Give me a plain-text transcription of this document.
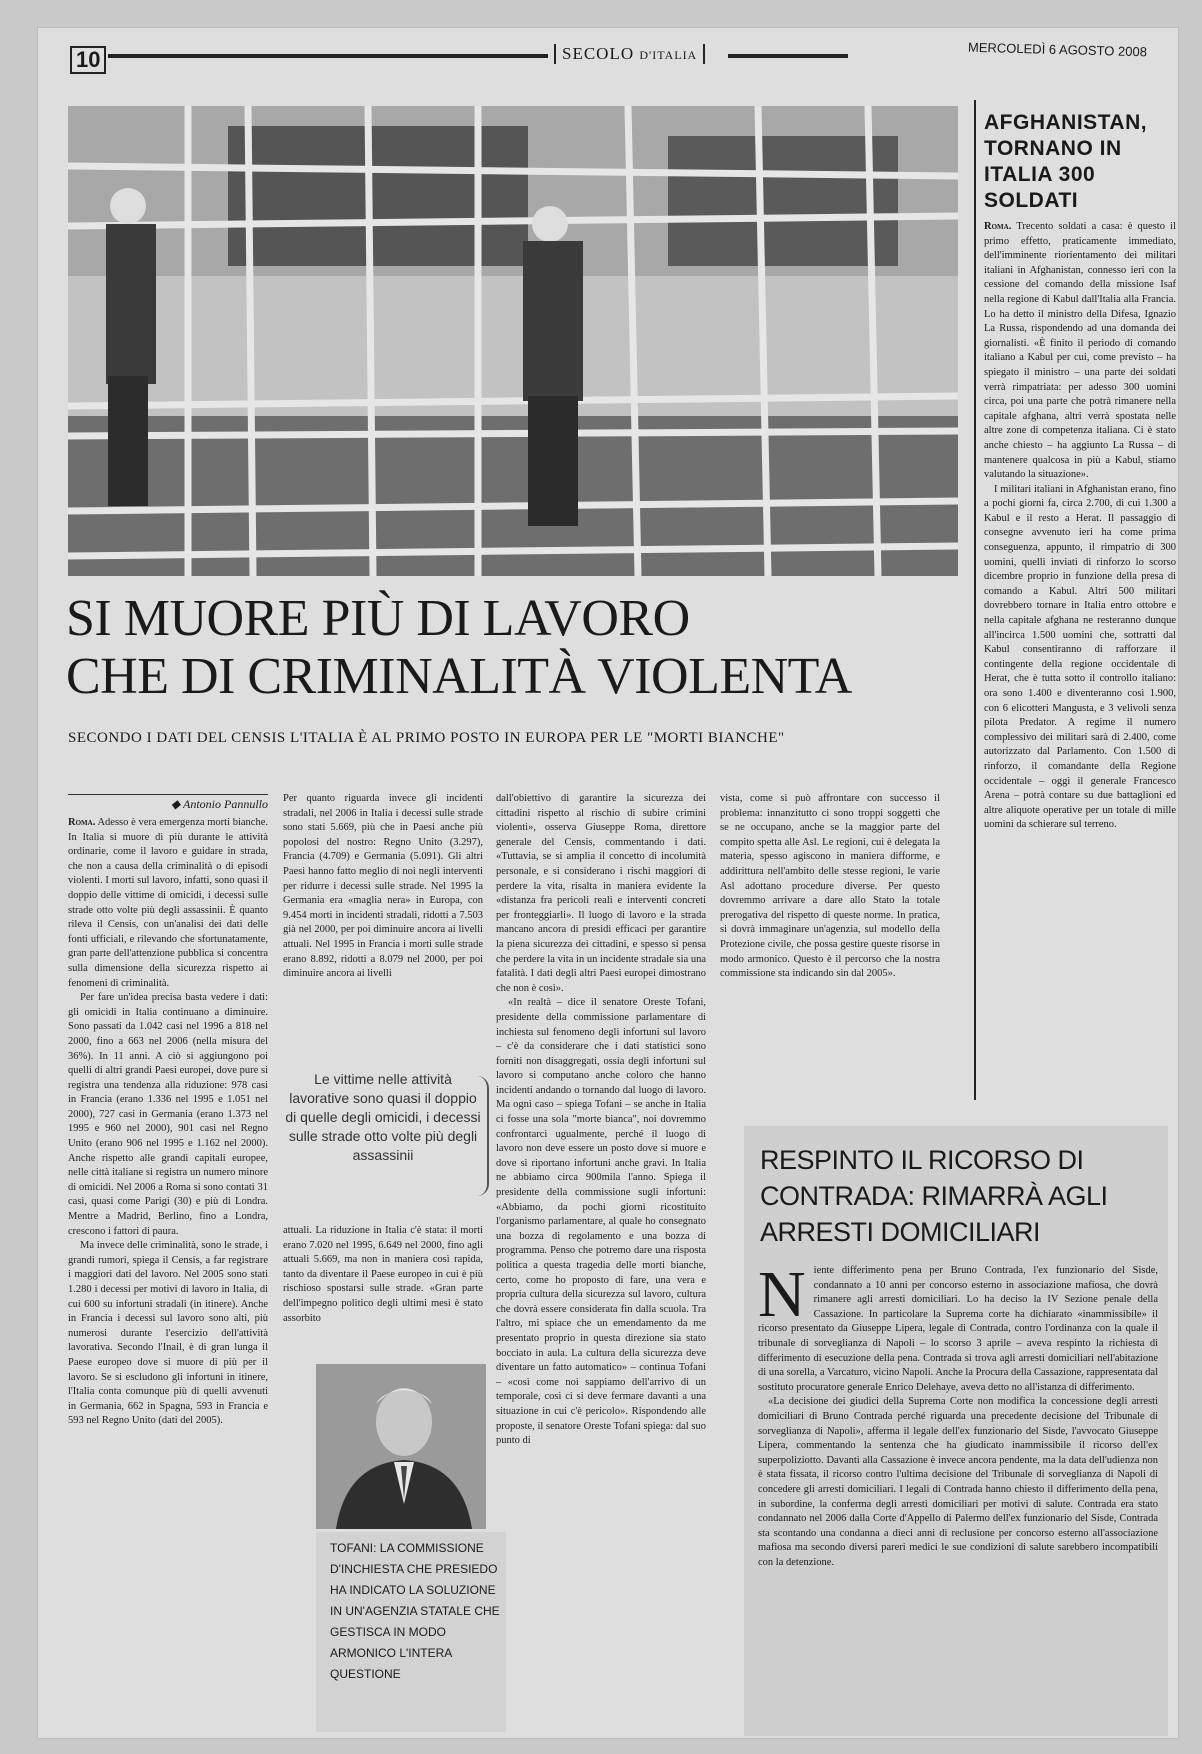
10	SECOLO D'ITALIA	MERCOLEDÌ 6 AGOSTO 2008
SI MUORE PIÙ DI LAVORO
CHE DI CRIMINALITÀ VIOLENTA
SECONDO I DATI DEL CENSIS L'ITALIA È AL PRIMO POSTO IN EUROPA PER LE "MORTI BIANCHE"
◆ Antonio Pannullo

Roma. Adesso è vera emergenza morti bianche. In Italia si muore di più durante le attività ordinarie, come il lavoro e guidare in strada, che non a causa della criminalità o di episodi violenti. I morti sul lavoro, infatti, sono quasi il doppio delle vittime di omicidi, i decessi sulle strade otto volte più degli assassinii. È quanto rileva il Censis, con un'analisi dei dati delle fonti ufficiali, e rilevando che sfortunatamente, gran parte dell'attenzione pubblica si concentra sulla dimensione della sicurezza rispetto ai fenomeni di criminalità.

Per fare un'idea precisa basta vedere i dati: gli omicidi in Italia continuano a diminuire. Sono passati da 1.042 casi nel 1996 a 818 nel 2000, fino a 663 nel 2006 (nella misura del 36%). In 11 anni. A ciò si aggiungono poi quelli di altri grandi Paesi europei, dove pure si registra una tendenza alla riduzione: 978 casi in Francia (erano 1.336 nel 1995 e 1.051 nel 2000), 727 casi in Germania (erano 1.373 nel 1995 e 960 nel 2000), 901 casi nel Regno Unito (erano 906 nel 1995 e 1.162 nel 2000). Anche rispetto alle grandi capitali europee, nelle città italiane si registra un numero minore di omicidi. Nel 2006 a Roma si sono contati 31 casi, quasi come Parigi (30) e più di Londra. Mentre a Madrid, Berlino, fino a Londra, crescono i fattori di paura.

Ma invece delle criminalità, sono le strade, i grandi rumori, spiega il Censis, a far registrare i maggiori dati del lavoro. Nel 2005 sono stati 1.280 i decessi per motivi di lavoro in Italia, di cui 600 su infortuni stradali (in itinere). Anche in Francia i decessi sul lavoro sono alti, più numerosi durante l'esercizio dell'attività lavorativa. Secondo l'Inail, è di gran lunga il Paese europeo dove si muore di più per il lavoro. Se si escludono gli infortuni in itinere, l'Italia conta comunque più di quelli avvenuti in Germania, 662 in Spagna, 593 in Francia e 593 nel Regno Unito (dati del 2005).

Per quanto riguarda invece gli incidenti stradali, nel 2006 in Italia i decessi sulle strade sono stati 5.669, più che in Paesi anche più popolosi del nostro: Regno Unito (3.297), Francia (4.709) e Germania (5.091). Gli altri Paesi hanno fatto meglio di noi negli interventi per ridurre i decessi sulle strade. Nel 1995 la Germania era «maglia nera» in Europa, con 9.454 morti in incidenti stradali, ridotti a 7.503 già nel 2000, per poi diminuire ancora ai livelli attuali. Nel 1995 in Francia i morti sulle strade erano 8.892, ridotti a 8.079 nel 2000, per poi diminuire ancora ai livelli

Le vittime nelle attività lavorative sono quasi il doppio di quelle degli omicidi, i decessi sulle strade otto volte più degli assassinii

attuali. La riduzione in Italia c'è stata: il morti erano 7.020 nel 1995, 6.649 nel 2000, fino agli attuali 5.669, ma non in maniera così rapida, tanto da diventare il Paese europeo in cui è più rischioso spostarsi sulle strade. «Gran parte dell'impegno politico degli ultimi mesi è stato assorbito

TOFANI: LA COMMISSIONE D'INCHIESTA CHE PRESIEDO HA INDICATO LA SOLUZIONE IN UN'AGENZIA STATALE CHE GESTISCA IN MODO ARMONICO L'INTERA QUESTIONE

dall'obiettivo di garantire la sicurezza dei cittadini rispetto al rischio di subire crimini violenti», osserva Giuseppe Roma, direttore generale del Censis, commentando i dati. «Tuttavia, se si amplia il concetto di incolumità personale, e si considerano i rischi maggiori di perdere la vita, risalta in maniera evidente la «distanza fra pericoli reali e interventi concreti per fronteggiarli». Il luogo di lavoro e la strada mancano ancora di presidi efficaci per garantire la piena sicurezza dei cittadini, e spesso si pensa che perdere la vita in un incidente stradale sia una fatalità. I dati degli altri Paesi europei dimostrano che non è così».

«In realtà – dice il senatore Oreste Tofani, presidente della commissione parlamentare di inchiesta sul fenomeno degli infortuni sul lavoro – c'è da considerare che i dati statistici sono forniti non disaggregati, ossia degli infortuni sul lavoro si computano anche coloro che hanno incidenti andando o tornando dal luogo di lavoro. Ma ogni caso – spiega Tofani – se anche in Italia ci fosse una sola "morte bianca", noi dovremmo confrontarci ugualmente, perché il luogo di lavoro non deve essere un posto dove si muore e dove si riportano infortuni anche gravi. In Italia ne abbiamo circa 900mila l'anno. Spiega il presidente della commissione sugli infortuni: «Abbiamo, da pochi giorni ricostituito l'organismo parlamentare, al quale ho consegnato una bozza di regolamento e una bozza di programma. Penso che potremo dare una risposta politica a questa tragedia delle morti bianche, certo, come ho proposto di fare, una vera e propria cultura della sicurezza sul lavoro, cultura che dovrà essere considerata fin dalla scuola. Tra l'altro, mi spiace che un emendamento da me presentato proprio in questa direzione sia stato bocciato in aula. La cultura della sicurezza deve diventare un fatto automatico» – continua Tofani – «così come noi sappiamo dell'arrivo di un temporale, così ci si deve fermare davanti a una situazione in cui c'è pericolo». Rispondendo alle proposte, il senatore Oreste Tofani spiega: dal suo punto di

vista, come si può affrontare con successo il problema: innanzitutto ci sono troppi soggetti che se ne occupano, anche se la maggior parte del compito spetta alle Asl. Le regioni, cui è delegata la materia, spesso agiscono in maniera difforme, e addirittura nell'ambito delle stesse regioni, le varie Asl adottano procedure diverse. Per questo dovremmo arrivare a dare allo Stato la totale prerogativa del rispetto di queste norme. In pratica, si dovrà immaginare un'agenzia, sul modello della Protezione civile, che possa gestire queste risorse in modo armonico. Questo è il percorso che la nostra commissione sta indicando sin dal 2005».

AFGHANISTAN, TORNANO IN ITALIA 300 SOLDATI

Roma. Trecento soldati a casa: è questo il primo effetto, praticamente immediato, dell'imminente riorientamento dei militari italiani in Afghanistan, connesso ieri con la cessione del comando della missione Isaf nella regione di Kabul dall'Italia alla Francia. Lo ha detto il ministro della Difesa, Ignazio La Russa, rispondendo ad una domanda dei giornalisti. «È finito il periodo di comando italiano a Kabul per cui, come previsto – ha spiegato il ministro – una parte dei soldati verrà rimpatriata: per adesso 300 uomini circa, poi una parte che potrà rimanere nella capitale afghana, altri verrà spostata nelle altre zone di competenza italiana. Ci è stato anche chiesto – ha aggiunto La Russa – di mantenere qualcosa in più a Kabul, stiamo valutando la situazione».

I militari italiani in Afghanistan erano, fino a pochi giorni fa, circa 2.700, di cui 1.300 a Kabul e il resto a Herat. Il passaggio di consegne avvenuto ieri ha come prima conseguenza, appunto, il rimpatrio di 300 uomini, quelli inviati di rinforzo lo scorso dicembre proprio in funzione della presa di comando a Kabul. Altri 500 militari dovrebbero tornare in Italia entro ottobre e nella capitale afghana ne resteranno dunque all'incirca 1.500 uomini che, sottratti dal Kabul consentiranno di rafforzare il contingente della regione occidentale di Herat, che è tutta sotto il controllo italiano: ora sono 1.400 e diventeranno così 1.900, con 6 elicotteri Mangusta, e 3 velivoli senza pilota Predator. A regime il numero complessivo dei militari sarà di 2.400, come autorizzato dal Parlamento. Con 1.500 di rinforzo, il comandante della Regione occidentale – oggi il generale Francesco Arena – potrà contare su due battaglioni ed altre aliquote operative per un totale di mille uomini da schierare sul terreno.

RESPINTO IL RICORSO DI CONTRADA: RIMARRÀ AGLI ARRESTI DOMICILIARI
N iente differimento pena per Bruno Contrada, l'ex funzionario del Sisde, condannato a 10 anni per concorso esterno in associazione mafiosa, che dovrà rimanere agli arresti domiciliari. Lo ha deciso la IV Sezione penale della Cassazione. In particolare la Suprema corte ha dichiarato «inammissibile» il ricorso presentato da Giuseppe Lipera, legale di Contrada, contro l'ordinanza con la quale il tribunale di sorveglianza di Napoli – lo scorso 3 aprile – aveva respinto la richiesta di differimento di esecuzione della pena. Contrada si trova agli arresti domiciliari nell'abitazione di una sorella, a Varcaturo, vicino Napoli. Anche la Procura della Cassazione, rappresentata dal sostituto procuratore generale Enrico Delehaye, aveva detto no all'istanza di differimento.

«La decisione dei giudici della Suprema Corte non modifica la concessione degli arresti domiciliari di Bruno Contrada perché riguarda una precedente decisione del Tribunale di sorveglianza di Napoli», afferma il legale dell'ex funzionario del Sisde, l'avvocato Giuseppe Lipera, commentando la sentenza che ha giudicato inammissibile il ricorso dell'ex superpoliziotto. Davanti alla Cassazione è invece ancora pendente, ma la data dell'udienza non è stata fissata, il ricorso contro l'ultima decisione del Tribunale di sorveglianza di Napoli di concedere gli arresti domiciliari. I legali di Contrada hanno chiesto il differimento della pena, in subordine, la conferma degli arresti domiciliari per motivi di salute. Contrada era stato condannato nel 2006 dalla Corte d'Appello di Palermo dell'ex funzionario del Sisde, Contrada sta scontando una condanna a dieci anni di reclusione per concorso esterno all'associazione mafiosa ma secondo diversi pareri medici le sue condizioni di salute sarebbero incompatibili con la detenzione.
